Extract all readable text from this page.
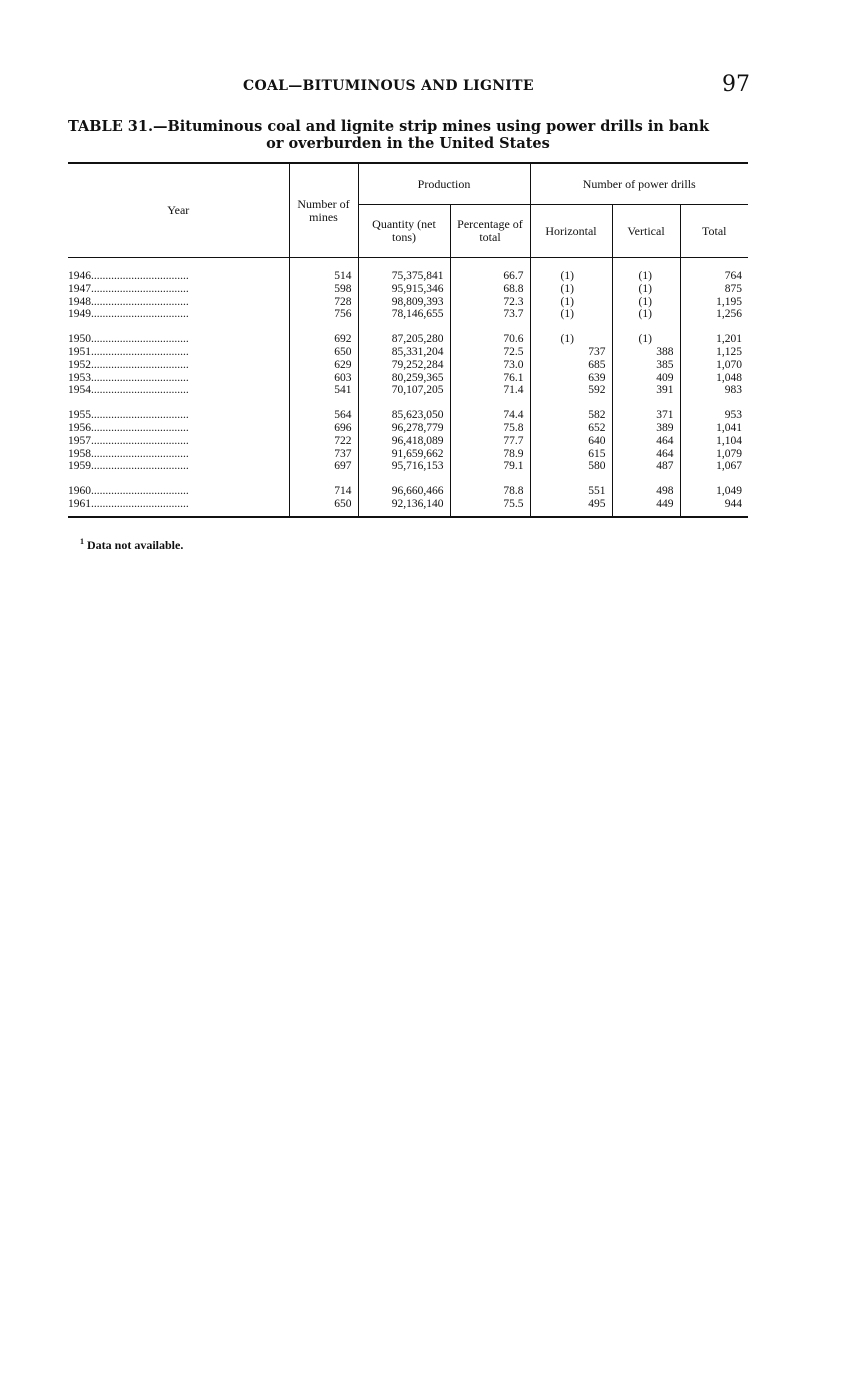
COAL—BITUMINOUS AND LIGNITE	97
TABLE 31.—Bituminous coal and lignite strip mines using power drills in bank
or overburden in the United States
Year	Number of mines	Production		Number of power drills		
		Quantity (net tons)	Percentage of total	Horizontal	Vertical	Total
1946..................................	514	75,375,841	66.7	(1)	(1)	764
1947..................................	598	95,915,346	68.8	(1)	(1)	875
1948..................................	728	98,809,393	72.3	(1)	(1)	1,195
1949..................................	756	78,146,655	73.7	(1)	(1)	1,256
1950..................................	692	87,205,280	70.6	(1)	(1)	1,201
1951..................................	650	85,331,204	72.5	737	388	1,125
1952..................................	629	79,252,284	73.0	685	385	1,070
1953..................................	603	80,259,365	76.1	639	409	1,048
1954..................................	541	70,107,205	71.4	592	391	983
1955..................................	564	85,623,050	74.4	582	371	953
1956..................................	696	96,278,779	75.8	652	389	1,041
1957..................................	722	96,418,089	77.7	640	464	1,104
1958..................................	737	91,659,662	78.9	615	464	1,079
1959..................................	697	95,716,153	79.1	580	487	1,067
1960..................................	714	96,660,466	78.8	551	498	1,049
1961..................................	650	92,136,140	75.5	495	449	944
$^1$ Data not available.
